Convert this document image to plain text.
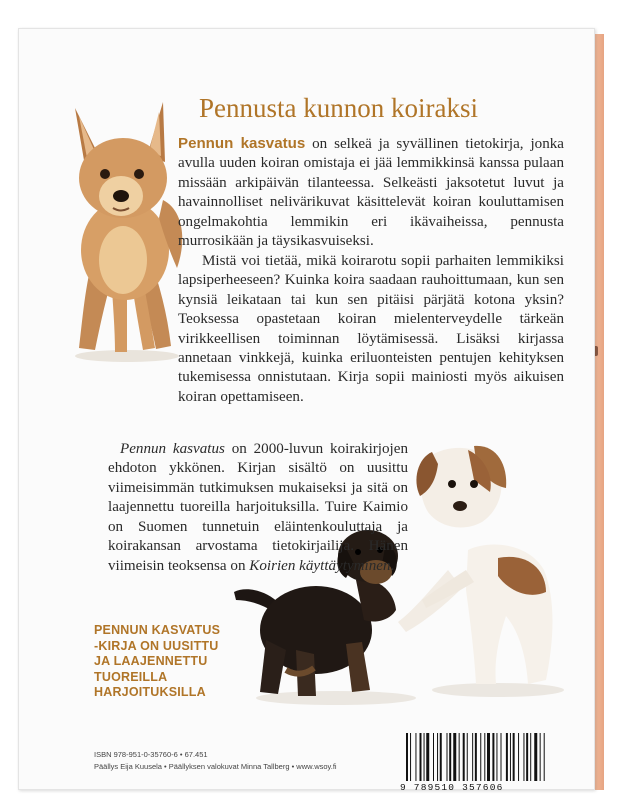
Pennusta kunnon koiraksi

Pennun kasvatus on selkeä ja syvällinen tietokirja, jonka avulla uuden koiran omistaja ei jää lemmikkinsä kanssa pulaan missään arkipäivän tilanteessa. Selkeästi jaksotetut luvut ja havainnolliset nelivärikuvat käsittelevät koiran kouluttamisen ongelmakohtia lemmikin eri ikävaiheissa, pennusta murrosikään ja täysikasvuiseksi.

Mistä voi tietää, mikä koirarotu sopii parhaiten lemmikiksi lapsiperheeseen? Kuinka koira saadaan rauhoittumaan, kun sen kynsiä leikataan tai kun sen pitäisi pärjätä kotona yksin? Teoksessa opastetaan koiran mielenterveydelle tärkeän virikkeellisen toiminnan löytämisessä. Lisäksi kirjassa annetaan vinkkejä, kuinka eriluonteisten pentujen kehityksen tukemisessa onnistutaan. Kirja sopii mainiosti myös aikuisen koiran opettamiseen.

Pennun kasvatus on 2000-luvun koirakirjojen ehdoton ykkönen. Kirjan sisältö on uusittu viimeisimmän tutkimuksen mukaiseksi ja sitä on laajennettu tuoreilla harjoituksilla. Tuire Kaimio on Suomen tunnetuin eläintenkouluttaja ja koirakansan arvostama tietokirjailija. Hänen viimeisin teoksensa on Koirien käyttäytyminen.

PENNUN KASVATUS
-KIRJA ON UUSITTU
JA LAAJENNETTU
TUOREILLA
HARJOITUKSILLA
ISBN 978-951-0-35760-6 • 67.451
Päällys Eija Kuusela • Päällyksen valokuvat Minna Tallberg • www.wsoy.fi
9 789510 357606
